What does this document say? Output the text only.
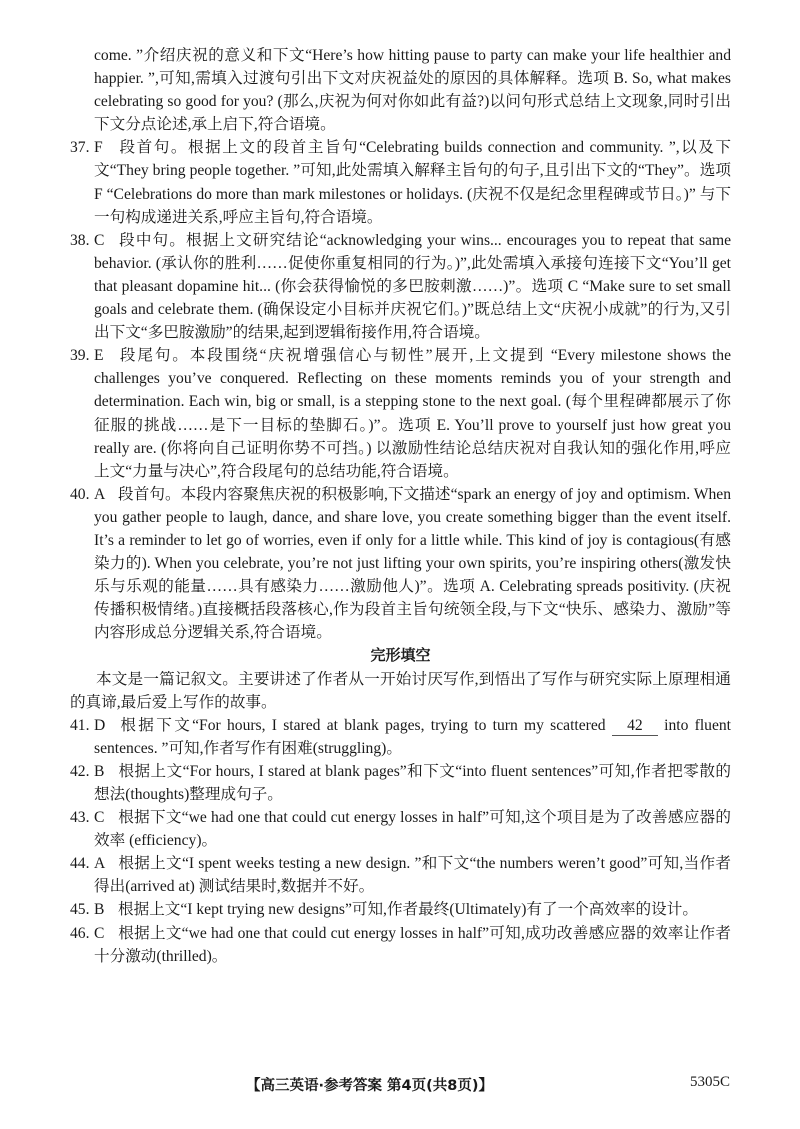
come. ”介绍庆祝的意义和下文“Here’s how hitting pause to party can make your life healthier and happier. ”,可知,需填入过渡句引出下文对庆祝益处的原因的具体解释。选项 B. So, what makes celebrating so good for you? (那么,庆祝为何对你如此有益?)以问句形式总结上文现象,同时引出下文分点论述,承上启下,符合语境。

37. F 段首句。根据上文的段首主旨句“Celebrating builds connection and community. ”,以及下文“They bring people together. ”可知,此处需填入解释主旨句的句子,且引出下文的“They”。选项 F “Celebrations do more than mark milestones or holidays. (庆祝不仅是纪念里程碑或节日。)” 与下一句构成递进关系,呼应主旨句,符合语境。

38. C 段中句。根据上文研究结论“acknowledging your wins... encourages you to repeat that same behavior. (承认你的胜利……促使你重复相同的行为。)”,此处需填入承接句连接下文“You’ll get that pleasant dopamine hit... (你会获得愉悦的多巴胺刺激……)”。选项 C “Make sure to set small goals and celebrate them. (确保设定小目标并庆祝它们。)”既总结上文“庆祝小成就”的行为,又引出下文“多巴胺激励”的结果,起到逻辑衔接作用,符合语境。

39. E 段尾句。本段围绕“庆祝增强信心与韧性”展开,上文提到 “Every milestone shows the challenges you’ve conquered. Reflecting on these moments reminds you of your strength and determination. Each win, big or small, is a stepping stone to the next goal. (每个里程碑都展示了你征服的挑战……是下一目标的垫脚石。)”。选项 E. You’ll prove to yourself just how great you really are. (你将向自己证明你势不可挡。) 以激励性结论总结庆祝对自我认知的强化作用,呼应上文“力量与决心”,符合段尾句的总结功能,符合语境。

40. A 段首句。本段内容聚焦庆祝的积极影响,下文描述“spark an energy of joy and optimism. When you gather people to laugh, dance, and share love, you create something bigger than the event itself. It’s a reminder to let go of worries, even if only for a little while. This kind of joy is contagious(有感染力的). When you celebrate, you’re not just lifting your own spirits, you’re inspiring others(激发快乐与乐观的能量……具有感染力……激励他人)”。选项 A. Celebrating spreads positivity. (庆祝传播积极情绪。)直接概括段落核心,作为段首主旨句统领全段,与下文“快乐、感染力、激励”等内容形成总分逻辑关系,符合语境。

完形填空

本文是一篇记叙文。主要讲述了作者从一开始讨厌写作,到悟出了写作与研究实际上原理相通的真谛,最后爱上写作的故事。

41. D 根据下文“For hours, I stared at blank pages, trying to turn my scattered 42 into fluent sentences. ”可知,作者写作有困难(struggling)。

42. B 根据上文“For hours, I stared at blank pages”和下文“into fluent sentences”可知,作者把零散的想法(thoughts)整理成句子。

43. C 根据下文“we had one that could cut energy losses in half”可知,这个项目是为了改善感应器的效率 (efficiency)。

44. A 根据上文“I spent weeks testing a new design. ”和下文“the numbers weren’t good”可知,当作者得出(arrived at) 测试结果时,数据并不好。

45. B 根据上文“I kept trying new designs”可知,作者最终(Ultimately)有了一个高效率的设计。

46. C 根据上文“we had one that could cut energy losses in half”可知,成功改善感应器的效率让作者十分激动(thrilled)。

【高三英语·参考答案 第4页(共8页)】	5305C
